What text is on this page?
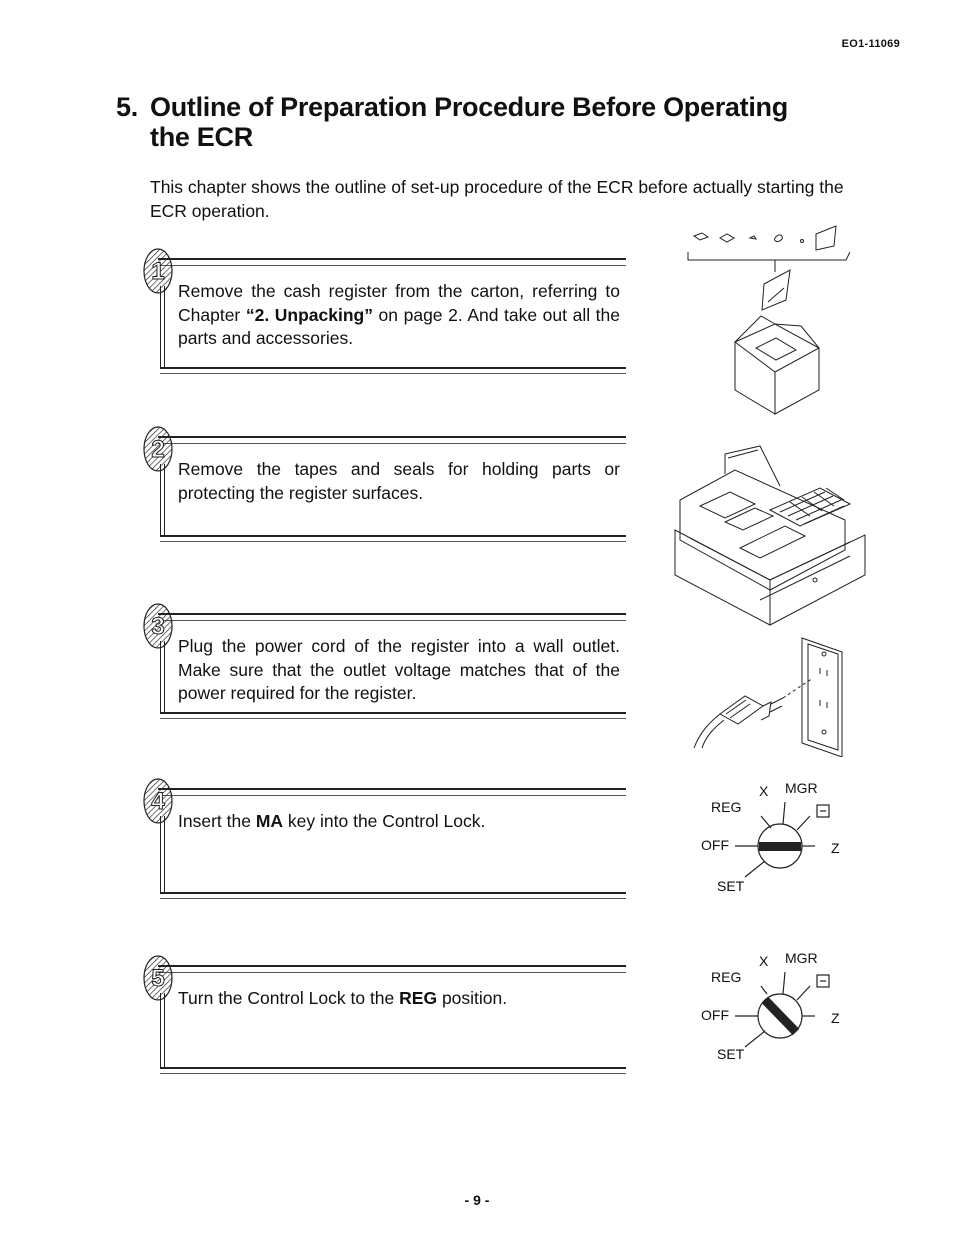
EO1-11069
5. Outline of Preparation Procedure Before Operating
the ECR
This chapter shows the outline of set-up procedure of the ECR before actually starting the ECR operation.
1
Remove the cash register from the carton, referring to Chapter “2. Unpacking” on page 2. And take out all the parts and accessories.
2
Remove the tapes and seals for holding parts or protecting the register surfaces.
3
Plug the power cord of the register into a wall outlet. Make sure that the outlet voltage matches that of the power required for the register.
4
Insert the MA key into the Control Lock.
5
Turn the Control Lock to the REG position.
X MGR
REG
OFF	Z
SET
X MGR
REG
OFF	Z
SET
- 9 -
